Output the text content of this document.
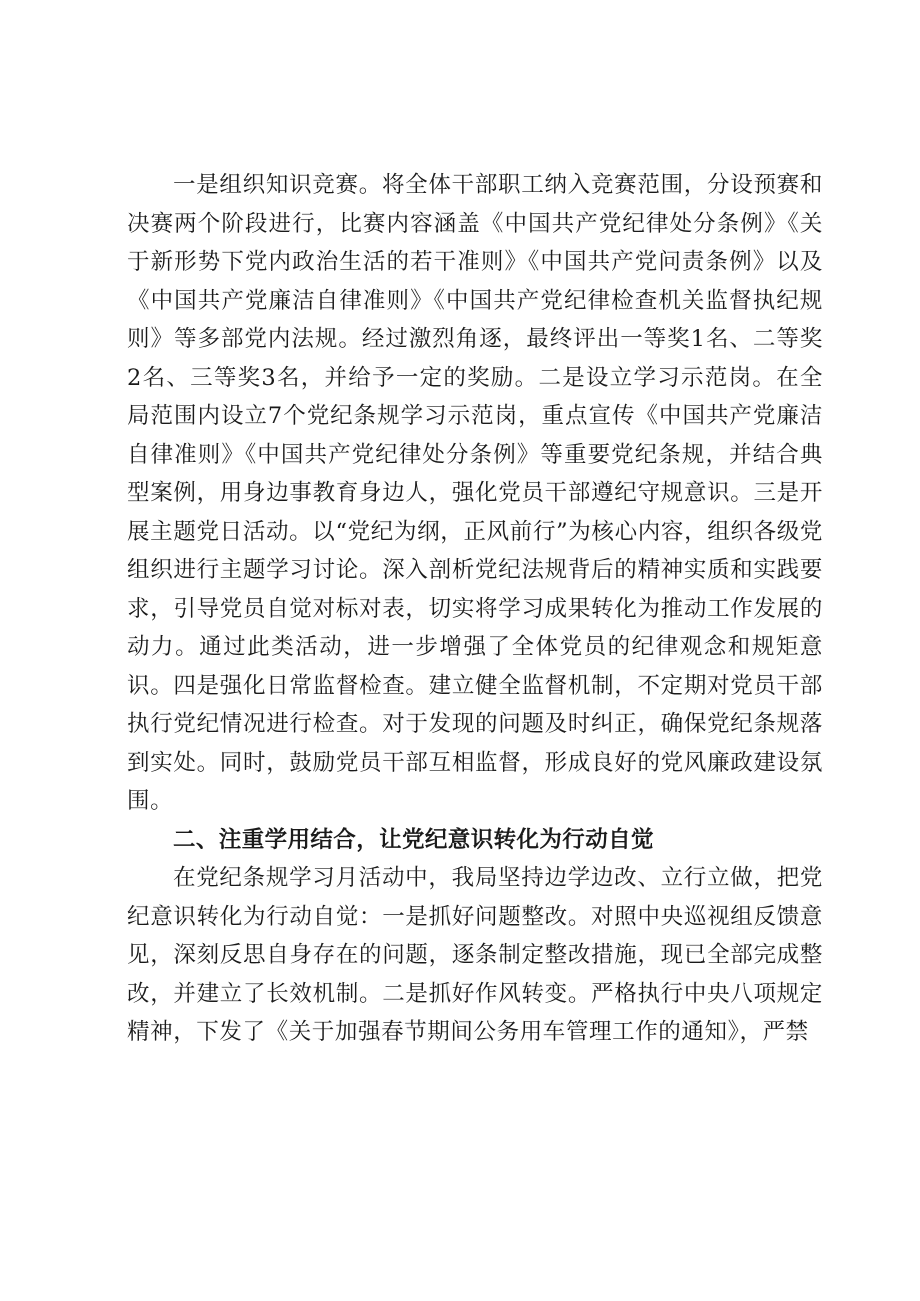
一是组织知识竞赛。将全体干部职工纳入竞赛范围，分设预赛和决赛两个阶段进行，比赛内容涵盖《中国共产党纪律处分条例》《关于新形势下党内政治生活的若干准则》《中国共产党问责条例》以及《中国共产党廉洁自律准则》《中国共产党纪律检查机关监督执纪规则》等多部党内法规。经过激烈角逐，最终评出一等奖1名、二等奖2名、三等奖3名，并给予一定的奖励。二是设立学习示范岗。在全局范围内设立7个党纪条规学习示范岗，重点宣传《中国共产党廉洁自律准则》《中国共产党纪律处分条例》等重要党纪条规，并结合典型案例，用身边事教育身边人，强化党员干部遵纪守规意识。三是开展主题党日活动。以“党纪为纲，正风前行”为核心内容，组织各级党组织进行主题学习讨论。深入剖析党纪法规背后的精神实质和实践要求，引导党员自觉对标对表，切实将学习成果转化为推动工作发展的动力。通过此类活动，进一步增强了全体党员的纪律观念和规矩意识。四是强化日常监督检查。建立健全监督机制，不定期对党员干部执行党纪情况进行检查。对于发现的问题及时纠正，确保党纪条规落到实处。同时，鼓励党员干部互相监督，形成良好的党风廉政建设氛围。

二、注重学用结合，让党纪意识转化为行动自觉

在党纪条规学习月活动中，我局坚持边学边改、立行立做，把党纪意识转化为行动自觉：一是抓好问题整改。对照中央巡视组反馈意见，深刻反思自身存在的问题，逐条制定整改措施，现已全部完成整改，并建立了长效机制。二是抓好作风转变。严格执行中央八项规定精神，下发了《关于加强春节期间公务用车管理工作的通知》，严禁
